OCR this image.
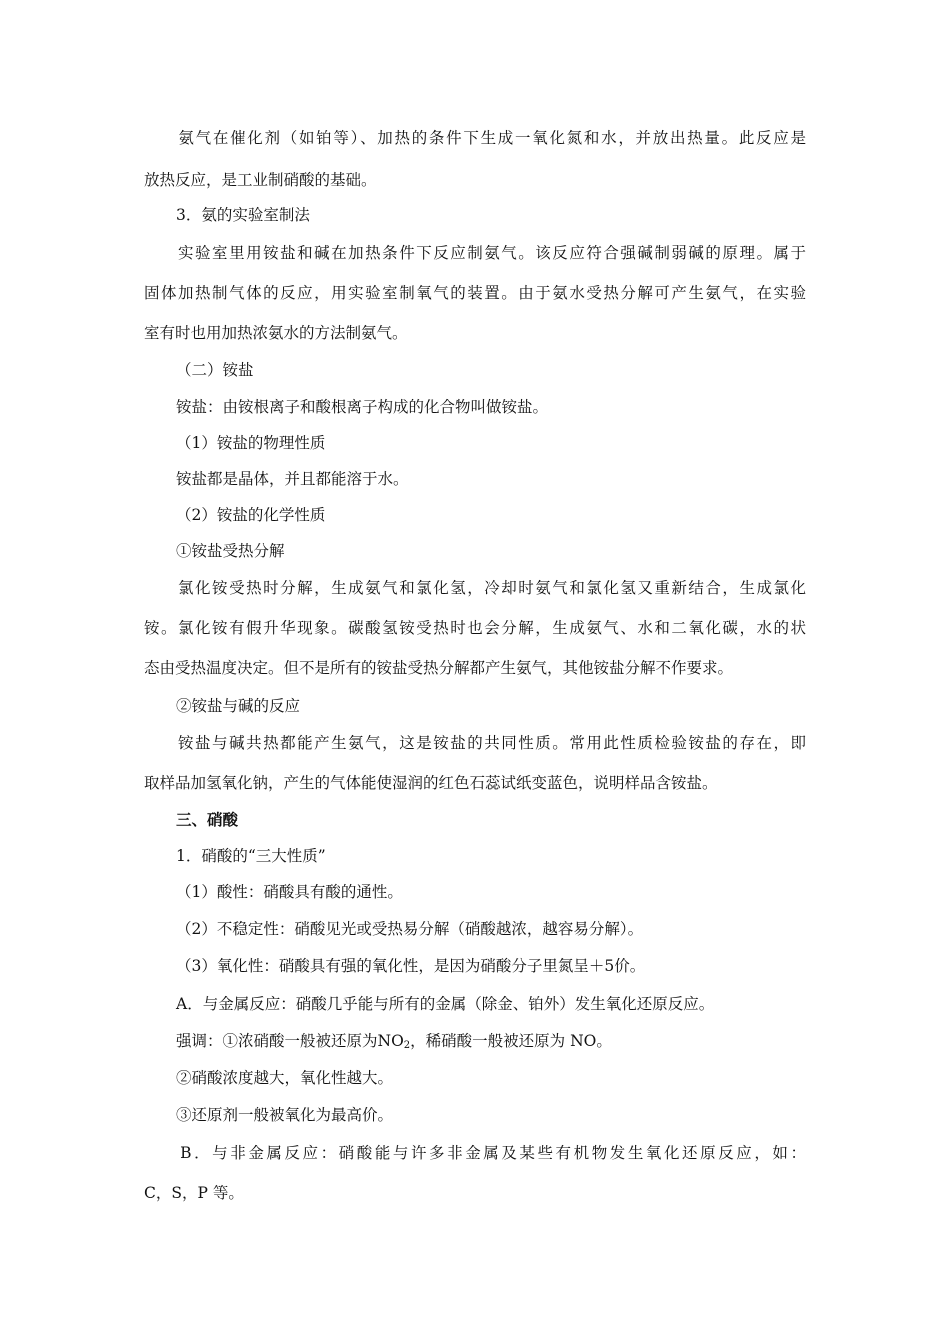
　　氨气在催化剂（如铂等）、加热的条件下生成一氧化氮和水，并放出热量。此反应是
放热反应，是工业制硝酸的基础。
3．氨的实验室制法
　　实验室里用铵盐和碱在加热条件下反应制氨气。该反应符合强碱制弱碱的原理。属于
固体加热制气体的反应，用实验室制氧气的装置。由于氨水受热分解可产生氨气，在实验
室有时也用加热浓氨水的方法制氨气。
（二）铵盐
铵盐：由铵根离子和酸根离子构成的化合物叫做铵盐。
（1）铵盐的物理性质
铵盐都是晶体，并且都能溶于水。
（2）铵盐的化学性质
①铵盐受热分解
　　氯化铵受热时分解，生成氨气和氯化氢，冷却时氨气和氯化氢又重新结合，生成氯化
铵。氯化铵有假升华现象。碳酸氢铵受热时也会分解，生成氨气、水和二氧化碳，水的状
态由受热温度决定。但不是所有的铵盐受热分解都产生氨气，其他铵盐分解不作要求。
②铵盐与碱的反应
　　铵盐与碱共热都能产生氨气，这是铵盐的共同性质。常用此性质检验铵盐的存在，即
取样品加氢氧化钠，产生的气体能使湿润的红色石蕊试纸变蓝色，说明样品含铵盐。
三、硝酸
1．硝酸的“三大性质”
（1）酸性：硝酸具有酸的通性。
（2）不稳定性：硝酸见光或受热易分解（硝酸越浓，越容易分解）。
（3）氧化性：硝酸具有强的氧化性，是因为硝酸分子里氮呈＋5价。
A．与金属反应：硝酸几乎能与所有的金属（除金、铂外）发生氧化还原反应。
强调：①浓硝酸一般被还原为$NO_2$，稀硝酸一般被还原为 NO。
②硝酸浓度越大，氧化性越大。
③还原剂一般被氧化为最高价。
　　B．与非金属反应：硝酸能与许多非金属及某些有机物发生氧化还原反应，如：
C，S，P 等。
